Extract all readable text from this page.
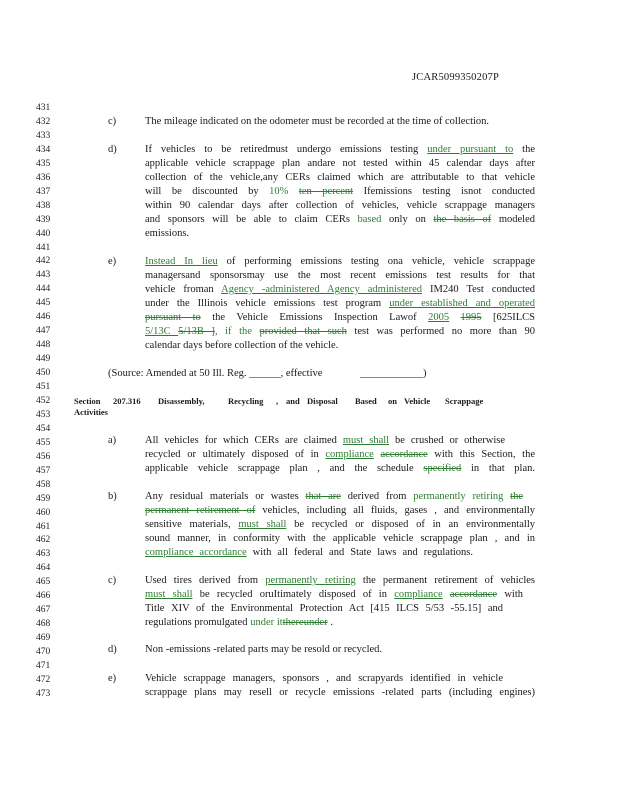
JCAR5099350207P
431
432
433
434
435
436
437
438
439
440
441
442
443
444
445
446
447
448
449
450
451
452
453
454
455
456
457
458
459
460
461
462
463
464
465
466
467
468
469
470
471
472
473
c)	The mileage indicated on the odometer must be recorded at the time of collection.
d)	If vehicles to be retiredmust undergo emissions testing under pursuant to the
applicable vehicle scrappage plan andare not tested within 45 calendar days after
collection of the vehicle,any CERs claimed which are attributable to that vehicle
will be discounted by 10% ten percent Ifemissions testing isnot conducted
within 90 calendar days after collection of vehicles, vehicle scrappage managers
and sponsors will be able to claim CERs based only on the basis of modeled
emissions.
e)	Instead In lieu of performing emissions testing ona vehicle, vehicle scrappage
managersand sponsorsmay use the most recent emissions test results for that
vehicle froman Agency -administered Agency administered IM240 Test conducted
under the Illinois vehicle emissions test program under established and operated
pursuant to the Vehicle Emissions Inspection Lawof 2005 1995 [625ILCS
5/13C 5/13B ], if the provided that such test was performed no more than 90
calendar days before collection of the vehicle.
(Source: Amended at 50 Ill. Reg. ______, effective	____________)
Section 207.316 Disassembly,	Recycling , and Disposal Based on Vehicle Scrappage
Activities
a)	All vehicles for which CERs are claimed must shall be crushed or otherwise
recycled or ultimately disposed of in compliance accordance with this Section, the
applicable vehicle scrappage plan , and the schedule specified in that plan.
b)	Any residual materials or wastes that are derived from permanently retiring the
permanent retirement of vehicles, including all fluids, gases , and environmentally
sensitive materials, must shall be recycled or disposed of in an environmentally
sound manner, in conformity with the applicable vehicle scrappage plan , and in
compliance accordance with all federal and State laws and regulations.
c)	Used tires derived from permanently retiring the permanent retirement of vehicles
must shall be recycled oruItimately disposed of in compliance accordance with
Title XIV of the Environmental Protection Act [415 ILCS 5/53 -55.15] and
regulations promulgated under itthereunder .
d)	Non -emissions -related parts may be resold or recycled.
e)	Vehicle scrappage managers, sponsors , and scrapyards identified in vehicle
scrappage plans may resell or recycle emissions -related parts (including engines)
